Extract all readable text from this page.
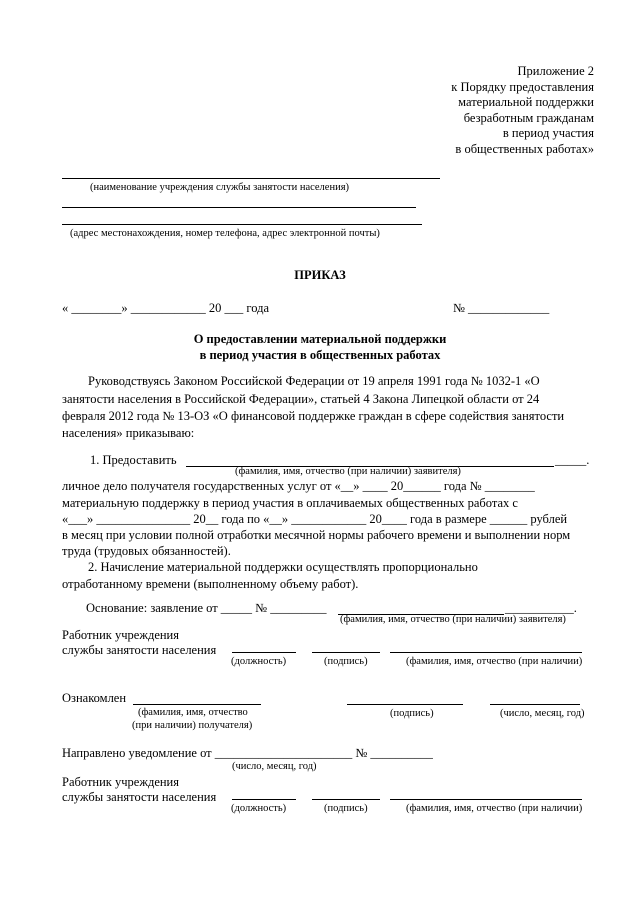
Приложение 2
к Порядку предоставления
материальной поддержки
безработным гражданам
в период участия
в общественных работах»
(наименование учреждения службы занятости населения)
(адрес местонахождения, номер телефона, адрес электронной почты)
ПРИКАЗ
« ________» ____________ 20 ___ года	№ _____________
О предоставлении материальной поддержки
в период участия в общественных работах
Руководствуясь Законом Российской Федерации от 19 апреля 1991 года № 1032-1 «О
занятости населения в Российской Федерации», статьей 4 Закона Липецкой области от 24
февраля 2012 года № 13-ОЗ «О финансовой поддержке граждан в сфере содействия занятости
населения» приказываю:
1. Предоставить	_____.
(фамилия, имя, отчество (при наличии) заявителя)
личное дело получателя государственных услуг от «__» ____ 20______ года № ________
материальную поддержку в период участия в оплачиваемых общественных работах с
«___» _______________ 20__ года по «__» ____________ 20____ года в размере ______ рублей
в месяц при условии полной отработки месячной нормы рабочего времени и выполнении норм
труда (трудовых обязанностей).
2. Начисление материальной поддержки осуществлять пропорционально
отработанному времени (выполненному объему работ).
Основание: заявление от _____ № _________	___________.
(фамилия, имя, отчество (при наличии) заявителя)
Работник учреждения
службы занятости населения
(должность)	(подпись)	(фамилия, имя, отчество (при наличии)
Ознакомлен
(фамилия, имя, отчество
(при наличии) получателя)
(подпись)	(число, месяц, год)
Направлено уведомление от ______________________ № __________
(число, месяц, год)
Работник учреждения
службы занятости населения
(должность)	(подпись)	(фамилия, имя, отчество (при наличии)
